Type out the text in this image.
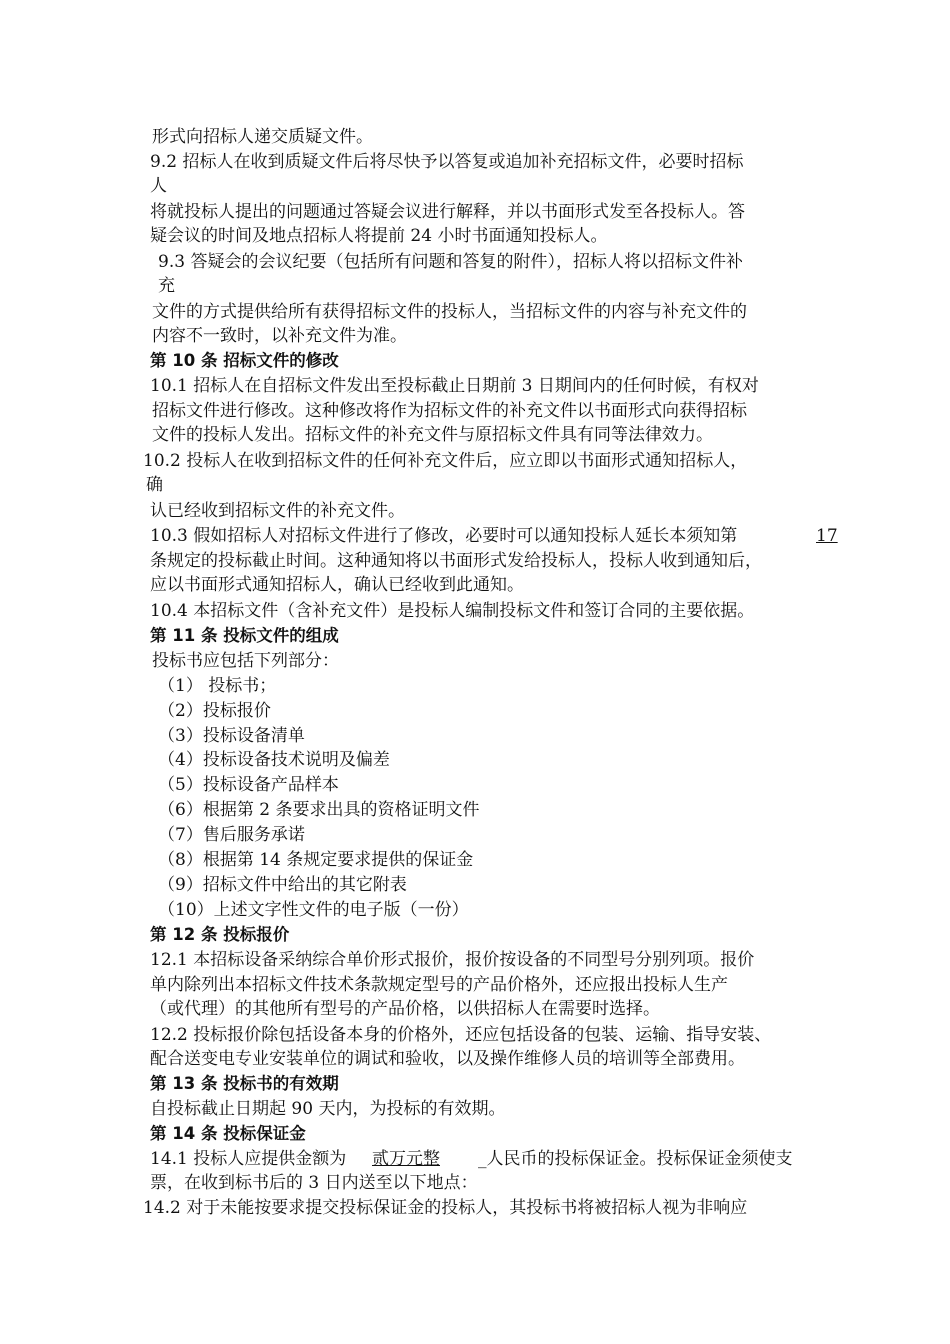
形式向招标人递交质疑文件。
9.2 招标人在收到质疑文件后将尽快予以答复或追加补充招标文件，必要时招标
人
将就投标人提出的问题通过答疑会议进行解释，并以书面形式发至各投标人。答
疑会议的时间及地点招标人将提前 24 小时书面通知投标人。
9.3 答疑会的会议纪要（包括所有问题和答复的附件），招标人将以招标文件补
充
文件的方式提供给所有获得招标文件的投标人，当招标文件的内容与补充文件的
内容不一致时，以补充文件为准。
第 10 条 招标文件的修改
10.1 招标人在自招标文件发出至投标截止日期前 3 日期间内的任何时候，有权对
招标文件进行修改。这种修改将作为招标文件的补充文件以书面形式向获得招标
文件的投标人发出。招标文件的补充文件与原招标文件具有同等法律效力。
10.2 投标人在收到招标文件的任何补充文件后，应立即以书面形式通知招标人，
确
认已经收到招标文件的补充文件。
10.3 假如招标人对招标文件进行了修改，必要时可以通知投标人延长本须知第	17
条规定的投标截止时间。这种通知将以书面形式发给投标人，投标人收到通知后，
应以书面形式通知招标人，确认已经收到此通知。
10.4 本招标文件（含补充文件）是投标人编制投标文件和签订合同的主要依据。
第 11 条 投标文件的组成
投标书应包括下列部分：
（1） 投标书；
（2）投标报价
（3）投标设备清单
（4）投标设备技术说明及偏差
（5）投标设备产品样本
（6）根据第 2 条要求出具的资格证明文件
（7）售后服务承诺
（8）根据第 14 条规定要求提供的保证金
（9）招标文件中给出的其它附表
（10）上述文字性文件的电子版（一份）
第 12 条 投标报价
12.1 本招标设备采纳综合单价形式报价，报价按设备的不同型号分别列项。报价
单内除列出本招标文件技术条款规定型号的产品价格外，还应报出投标人生产
（或代理）的其他所有型号的产品价格，以供招标人在需要时选择。
12.2 投标报价除包括设备本身的价格外，还应包括设备的包装、运输、指导安装、
配合送变电专业安装单位的调试和验收，以及操作维修人员的培训等全部费用。
第 13 条 投标书的有效期
自投标截止日期起 90 天内，为投标的有效期。
第 14 条 投标保证金
14.1 投标人应提供金额为 贰万元整 _人民币的投标保证金。投标保证金须使支
票，在收到标书后的 3 日内送至以下地点：
14.2 对于未能按要求提交投标保证金的投标人，其投标书将被招标人视为非响应
